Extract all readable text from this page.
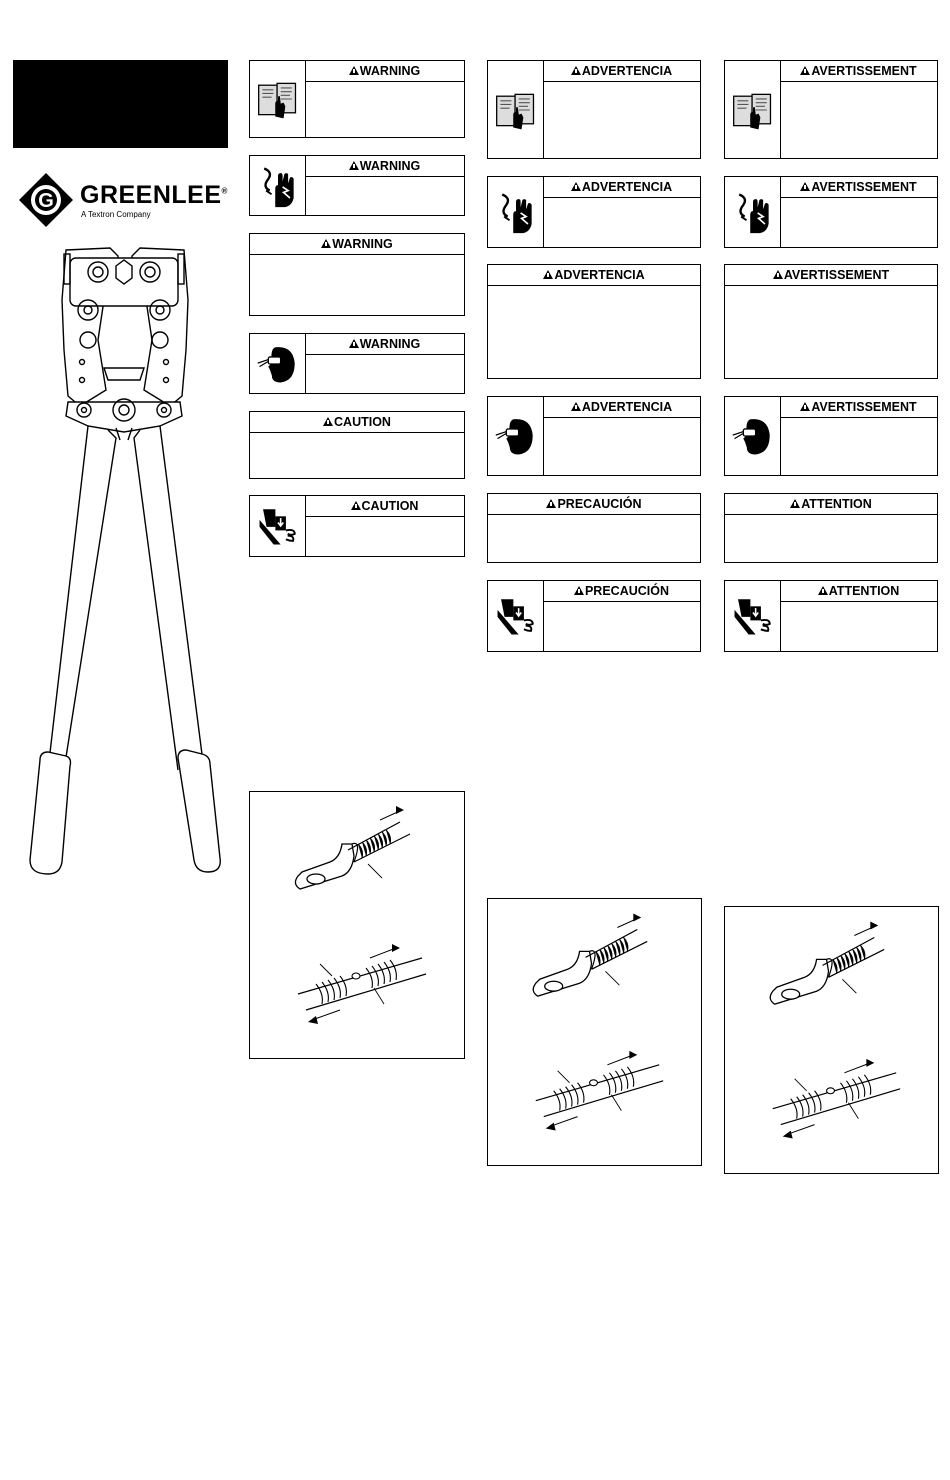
G GREENLEE®
A Textron Company
WARNING
WARNING
WARNING
WARNING
CAUTION
CAUTION
ADVERTENCIA
ADVERTENCIA
ADVERTENCIA
ADVERTENCIA
PRECAUCIÓN
PRECAUCIÓN
AVERTISSEMENT
AVERTISSEMENT
AVERTISSEMENT
AVERTISSEMENT
ATTENTION
ATTENTION
